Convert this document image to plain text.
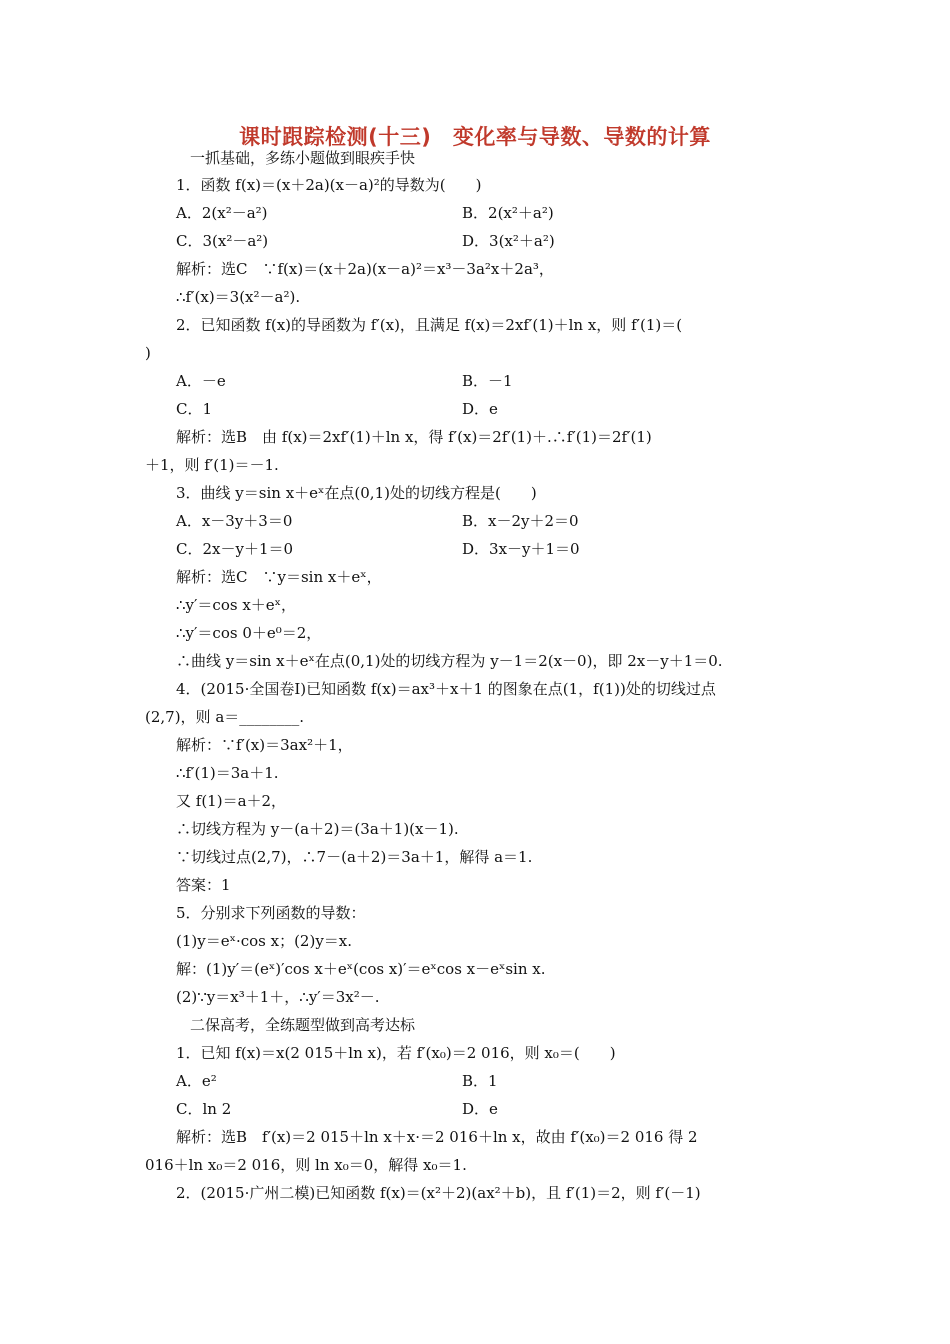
课时跟踪检测(十三)　变化率与导数、导数的计算
一抓基础，多练小题做到眼疾手快
1．函数 f(x)＝(x＋2a)(x－a)²的导数为(　　)
A．2(x²－a²)	B．2(x²＋a²)
C．3(x²－a²)	D．3(x²＋a²)
解析：选C　∵f(x)＝(x＋2a)(x－a)²＝x³－3a²x＋2a³，
∴f′(x)＝3(x²－a²).
2．已知函数 f(x)的导函数为 f′(x)，且满足 f(x)＝2xf′(1)＋ln x，则 f′(1)＝(
)
A．－e	B．－1
C．1	D．e
解析：选B　由 f(x)＝2xf′(1)＋ln x，得 f′(x)＝2f′(1)＋.∴f′(1)＝2f′(1)
＋1，则 f′(1)＝－1.
3．曲线 y＝sin x＋eˣ在点(0,1)处的切线方程是(　　)
A．x－3y＋3＝0	B．x－2y＋2＝0
C．2x－y＋1＝0	D．3x－y＋1＝0
解析：选C　∵y＝sin x＋eˣ，
∴y′＝cos x＋eˣ，
∴y′＝cos 0＋e⁰＝2，
∴曲线 y＝sin x＋eˣ在点(0,1)处的切线方程为 y－1＝2(x－0)，即 2x－y＋1＝0.
4．(2015·全国卷Ⅰ)已知函数 f(x)＝ax³＋x＋1 的图象在点(1，f(1))处的切线过点
(2,7)，则 a＝________.
解析：∵f′(x)＝3ax²＋1，
∴f′(1)＝3a＋1.
又 f(1)＝a＋2，
∴切线方程为 y－(a＋2)＝(3a＋1)(x－1).
∵切线过点(2,7)，∴7－(a＋2)＝3a＋1，解得 a＝1.
答案：1
5．分别求下列函数的导数：
(1)y＝eˣ·cos x；(2)y＝x.
解：(1)y′＝(eˣ)′cos x＋eˣ(cos x)′＝eˣcos x－eˣsin x.
(2)∵y＝x³＋1＋，∴y′＝3x²－.
二保高考，全练题型做到高考达标
1．已知 f(x)＝x(2 015＋ln x)，若 f′(x₀)＝2 016，则 x₀＝(　　)
A．e²	B．1
C．ln 2	D．e
解析：选B　f′(x)＝2 015＋ln x＋x·＝2 016＋ln x，故由 f′(x₀)＝2 016 得 2
016＋ln x₀＝2 016，则 ln x₀＝0，解得 x₀＝1.
2．(2015·广州二模)已知函数 f(x)＝(x²＋2)(ax²＋b)，且 f′(1)＝2，则 f′(－1)
